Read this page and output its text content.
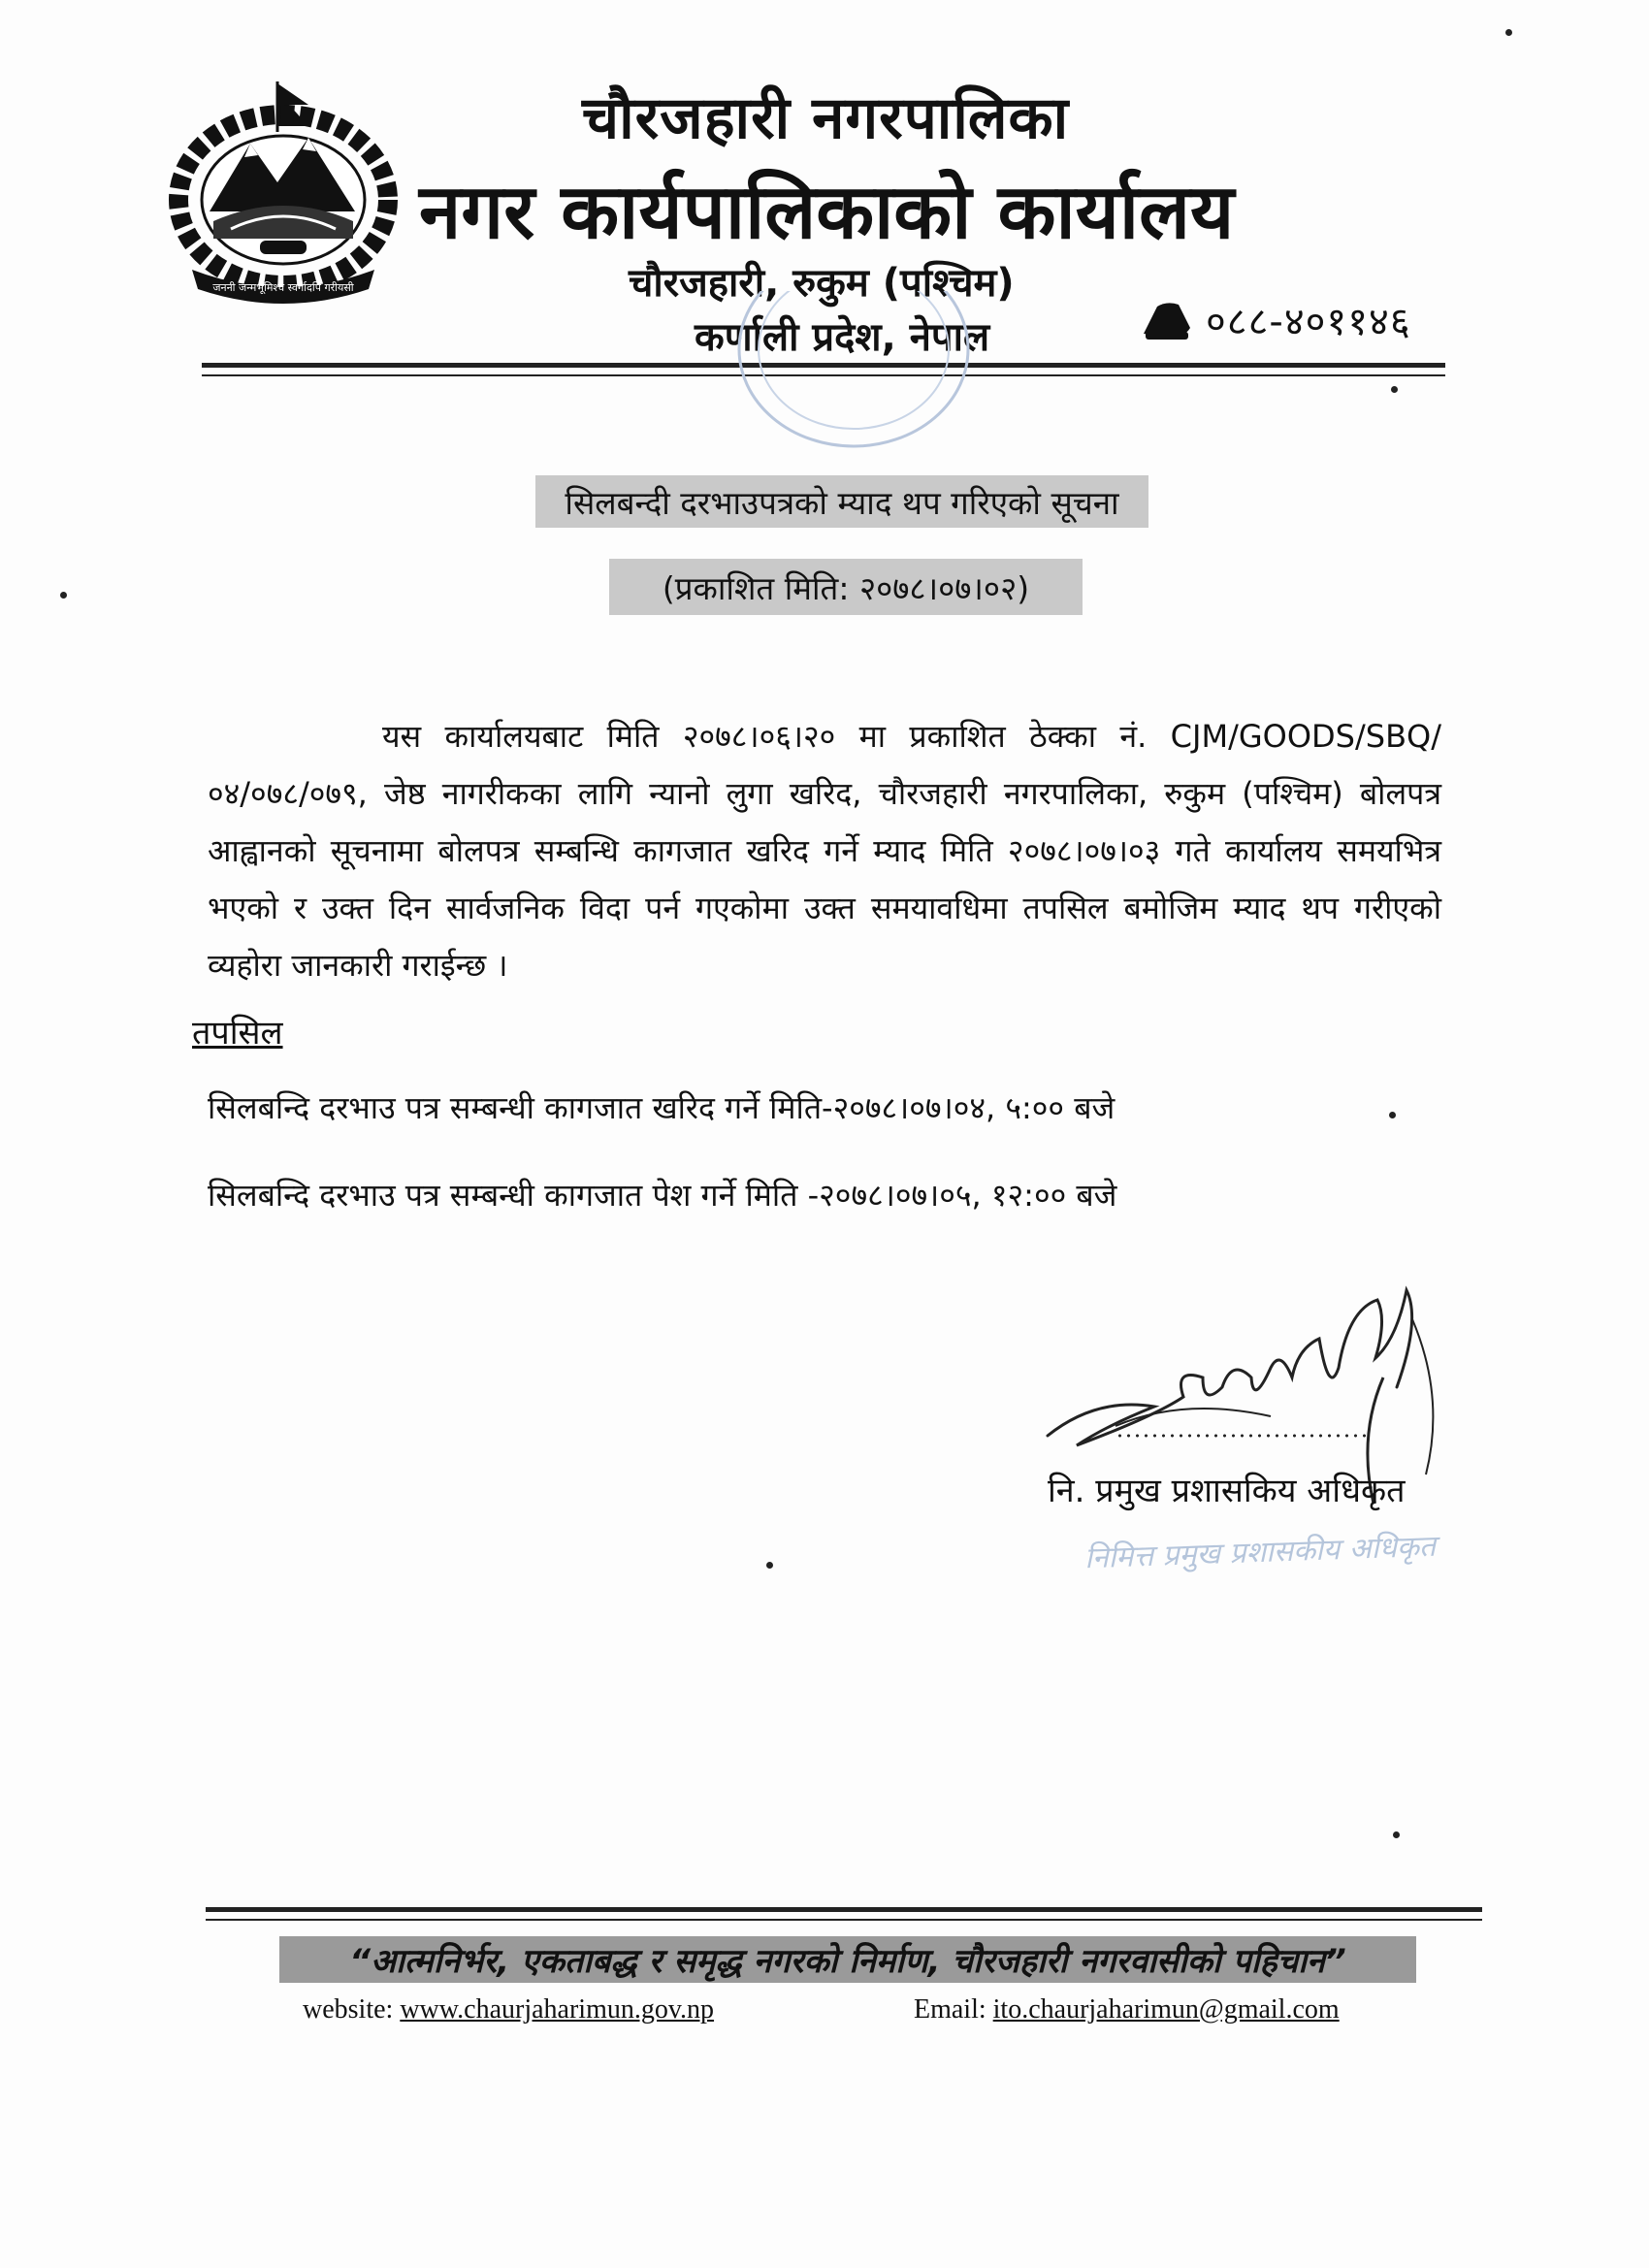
जननी जन्मभूमिश्च स्वर्गादपि गरीयसी
चौरजहारी नगरपालिका
नगर कार्यपालिकाको कार्यालय
चौरजहारी, रुकुम (पश्चिम)
कर्णाली प्रदेश, नेपाल	०८८-४०११४६
सिलबन्दी दरभाउपत्रको म्याद थप गरिएको सूचना
(प्रकाशित मिति: २०७८।०७।०२)
यस कार्यालयबाट मिति २०७८।०६।२० मा प्रकाशित ठेक्का नं. CJM/GOODS/SBQ/०४/०७८/०७९, जेष्ठ नागरीकका लागि न्यानो लुगा खरिद, चौरजहारी नगरपालिका, रुकुम (पश्चिम) बोलपत्र आह्वानको सूचनामा बोलपत्र सम्बन्धि कागजात खरिद गर्ने म्याद मिति २०७८।०७।०३ गते कार्यालय समयभित्र भएको र उक्त दिन सार्वजनिक विदा पर्न गएकोमा उक्त समयावधिमा तपसिल बमोजिम म्याद थप गरीएको व्यहोरा जानकारी गराईन्छ ।
तपसिल
सिलबन्दि दरभाउ पत्र सम्बन्धी कागजात खरिद गर्ने मिति-२०७८।०७।०४, ५:०० बजे
सिलबन्दि दरभाउ पत्र सम्बन्धी कागजात पेश गर्ने मिति -२०७८।०७।०५, १२:०० बजे
नि. प्रमुख प्रशासकिय अधिकृत
निमित्त प्रमुख प्रशासकीय अधिकृत
“आत्मनिर्भर, एकताबद्ध र समृद्ध नगरको निर्माण, चौरजहारी नगरवासीको पहिचान”
website: www.chaurjaharimun.gov.np	Email: ito.chaurjaharimun@gmail.com
